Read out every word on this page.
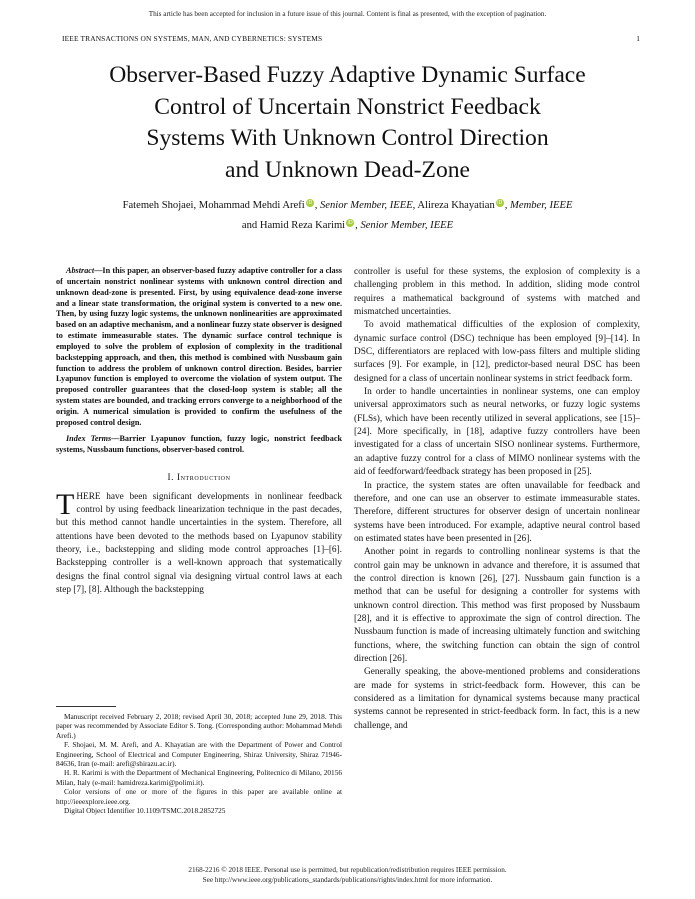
This article has been accepted for inclusion in a future issue of this journal. Content is final as presented, with the exception of pagination.
IEEE TRANSACTIONS ON SYSTEMS, MAN, AND CYBERNETICS: SYSTEMS	1
Observer-Based Fuzzy Adaptive Dynamic Surface
Control of Uncertain Nonstrict Feedback
Systems With Unknown Control Direction
and Unknown Dead-Zone
Fatemeh Shojaei, Mohammad Mehdi Arefi iD , Senior Member, IEEE, Alireza Khayatian iD , Member, IEEE
and Hamid Reza Karimi iD , Senior Member, IEEE

Abstract—In this paper, an observer-based fuzzy adaptive controller for a class of uncertain nonstrict nonlinear systems with unknown control direction and unknown dead-zone is presented. First, by using equivalence dead-zone inverse and a linear state transformation, the original system is converted to a new one. Then, by using fuzzy logic systems, the unknown nonlinearities are approximated based on an adaptive mechanism, and a nonlinear fuzzy state observer is designed to estimate immeasurable states. The dynamic surface control technique is employed to solve the problem of explosion of complexity in the traditional backstepping approach, and then, this method is combined with Nussbaum gain function to address the problem of unknown control direction. Besides, barrier Lyapunov function is employed to overcome the violation of system output. The proposed controller guarantees that the closed-loop system is stable; all the system states are bounded, and tracking errors converge to a neighborhood of the origin. A numerical simulation is provided to confirm the usefulness of the proposed control design.

Index Terms—Barrier Lyapunov function, fuzzy logic, nonstrict feedback systems, Nussbaum functions, observer-based control.

I. Introduction

THERE have been significant developments in nonlinear feedback control by using feedback linearization technique in the past decades, but this method cannot handle uncertainties in the system. Therefore, all attentions have been devoted to the methods based on Lyapunov stability theory, i.e., backstepping and sliding mode control approaches [1]–[6]. Backstepping controller is a well-known approach that systematically designs the final control signal via designing virtual control laws at each step [7], [8]. Although the backstepping

Manuscript received February 2, 2018; revised April 30, 2018; accepted June 29, 2018. This paper was recommended by Associate Editor S. Tong. (Corresponding author: Mohammad Mehdi Arefi.)

F. Shojaei, M. M. Arefi, and A. Khayatian are with the Department of Power and Control Engineering, School of Electrical and Computer Engineering, Shiraz University, Shiraz 71946-84636, Iran (e-mail: arefi@shirazu.ac.ir).

H. R. Karimi is with the Department of Mechanical Engineering, Politecnico di Milano, 20156 Milan, Italy (e-mail: hamidreza.karimi@polimi.it).

Color versions of one or more of the figures in this paper are available online at http://ieeexplore.ieee.org.

Digital Object Identifier 10.1109/TSMC.2018.2852725

controller is useful for these systems, the explosion of complexity is a challenging problem in this method. In addition, sliding mode control requires a mathematical background of systems with matched and mismatched uncertainties.

To avoid mathematical difficulties of the explosion of complexity, dynamic surface control (DSC) technique has been employed [9]–[14]. In DSC, differentiators are replaced with low-pass filters and multiple sliding surfaces [9]. For example, in [12], predictor-based neural DSC has been designed for a class of uncertain nonlinear systems in strict feedback form.

In order to handle uncertainties in nonlinear systems, one can employ universal approximators such as neural networks, or fuzzy logic systems (FLSs), which have been recently utilized in several applications, see [15]–[24]. More specifically, in [18], adaptive fuzzy controllers have been investigated for a class of uncertain SISO nonlinear systems. Furthermore, an adaptive fuzzy control for a class of MIMO nonlinear systems with the aid of feedforward/feedback strategy has been proposed in [25].

In practice, the system states are often unavailable for feedback and therefore, and one can use an observer to estimate immeasurable states. Therefore, different structures for observer design of uncertain nonlinear systems have been introduced. For example, adaptive neural control based on estimated states have been presented in [26].

Another point in regards to controlling nonlinear systems is that the control gain may be unknown in advance and therefore, it is assumed that the control direction is known [26], [27]. Nussbaum gain function is a method that can be useful for designing a controller for systems with unknown control direction. This method was first proposed by Nussbaum [28], and it is effective to approximate the sign of control direction. The Nussbaum function is made of increasing ultimately function and switching functions, where, the switching function can obtain the sign of control direction [26].

Generally speaking, the above-mentioned problems and considerations are made for systems in strict-feedback form. However, this can be considered as a limitation for dynamical systems because many practical systems cannot be represented in strict-feedback form. In fact, this is a new challenge, and

2168-2216 © 2018 IEEE. Personal use is permitted, but republication/redistribution requires IEEE permission.
See http://www.ieee.org/publications_standards/publications/rights/index.html for more information.
